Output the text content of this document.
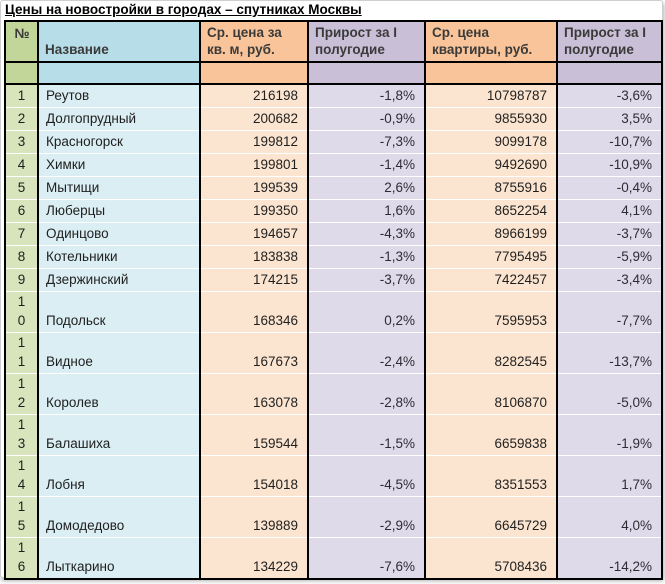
Цены на новостройки в городах – спутниках Москвы
№	Название	Ср. цена за кв. м, руб.	Прирост за I полугодие	Ср. цена квартиры, руб.	Прирост за I полугодие

1	Реутов	216198	-1,8%	10798787	-3,6%
2	Долгопрудный	200682	-0,9%	9855930	3,5%
3	Красногорск	199812	-7,3%	9099178	-10,7%
4	Химки	199801	-1,4%	9492690	-10,9%
5	Мытищи	199539	2,6%	8755916	-0,4%
6	Люберцы	199350	1,6%	8652254	4,1%
7	Одинцово	194657	-4,3%	8966199	-3,7%
8	Котельники	183838	-1,3%	7795495	-5,9%
9	Дзержинский	174215	-3,7%	7422457	-3,4%
10	Подольск	168346	0,2%	7595953	-7,7%
11	Видное	167673	-2,4%	8282545	-13,7%
12	Королев	163078	-2,8%	8106870	-5,0%
13	Балашиха	159544	-1,5%	6659838	-1,9%
14	Лобня	154018	-4,5%	8351553	1,7%
15	Домодедово	139889	-2,9%	6645729	4,0%
16	Лыткарино	134229	-7,6%	5708436	-14,2%
